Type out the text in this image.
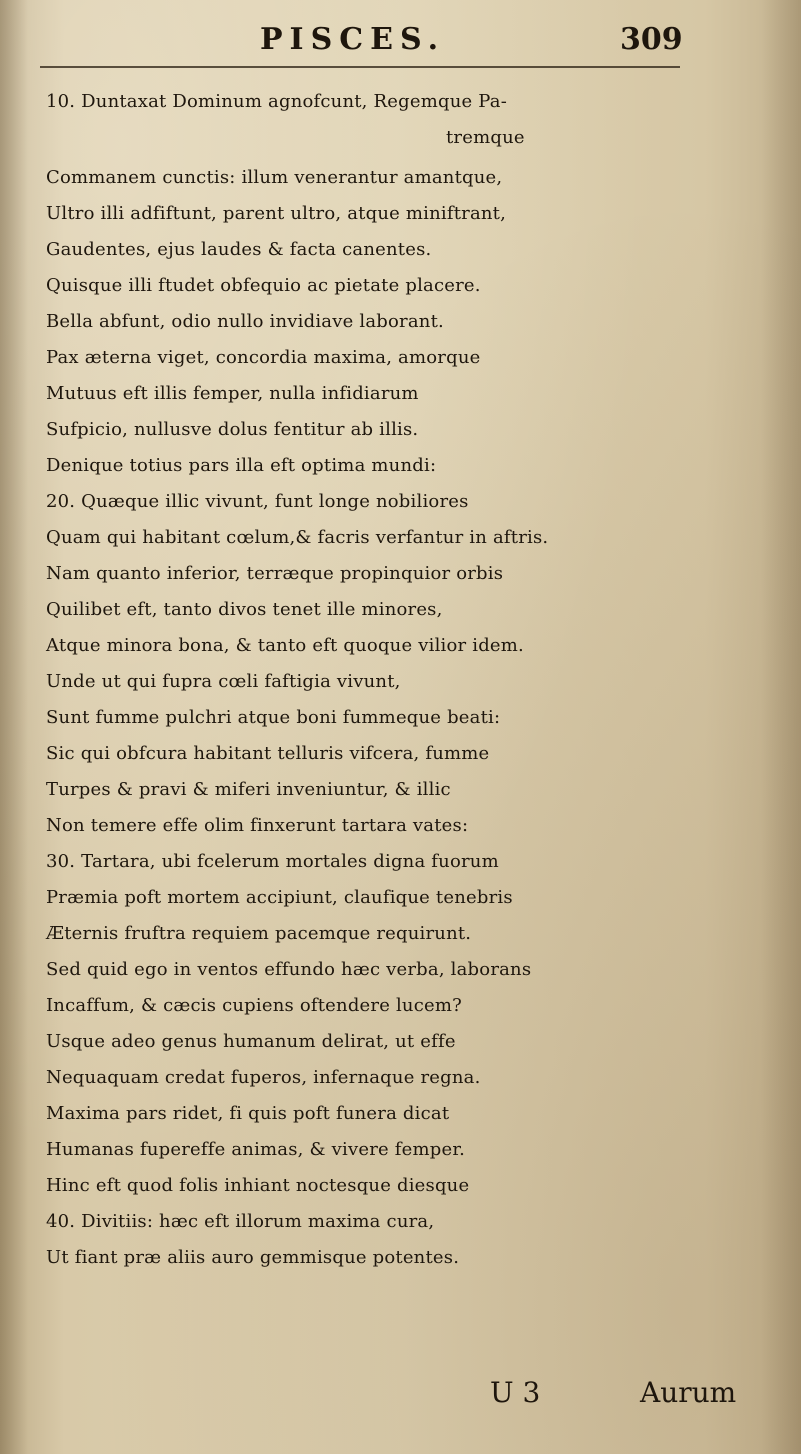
PISCES.	309
10. Duntaxat Dominum agnofcunt, Regemque Pa-
tremque
Commanem cunctis: illum venerantur amantque,
Ultro illi adfiftunt, parent ultro, atque miniftrant,
Gaudentes, ejus laudes & facta canentes.
Quisque illi ftudet obfequio ac pietate placere.
Bella abfunt, odio nullo invidiave laborant.
Pax æterna viget, concordia maxima, amorque
Mutuus eft illis femper, nulla infidiarum
Sufpicio, nullusve dolus fentitur ab illis.
Denique totius pars illa eft optima mundi:
20. Quæque illic vivunt, funt longe nobiliores
Quam qui habitant cœlum,& facris verfantur in aftris.
Nam quanto inferior, terræque propinquior orbis
Quilibet eft, tanto divos tenet ille minores,
Atque minora bona, & tanto eft quoque vilior idem.
Unde ut qui fupra cœli faftigia vivunt,
Sunt fumme pulchri atque boni fummeque beati:
Sic qui obfcura habitant telluris vifcera, fumme
Turpes & pravi & miferi inveniuntur, & illic
Non temere effe olim finxerunt tartara vates:
30. Tartara, ubi fcelerum mortales digna fuorum
Præmia poft mortem accipiunt, claufique tenebris
Æternis fruftra requiem pacemque requirunt.
Sed quid ego in ventos effundo hæc verba, laborans
Incaffum, & cæcis cupiens oftendere lucem?
Usque adeo genus humanum delirat, ut effe
Nequaquam credat fuperos, infernaque regna.
Maxima pars ridet, fi quis poft funera dicat
Humanas fupereffe animas, & vivere femper.
Hinc eft quod folis inhiant noctesque diesque
40. Divitiis: hæc eft illorum maxima cura,
Ut fiant præ aliis auro gemmisque potentes.
U 3	Aurum
